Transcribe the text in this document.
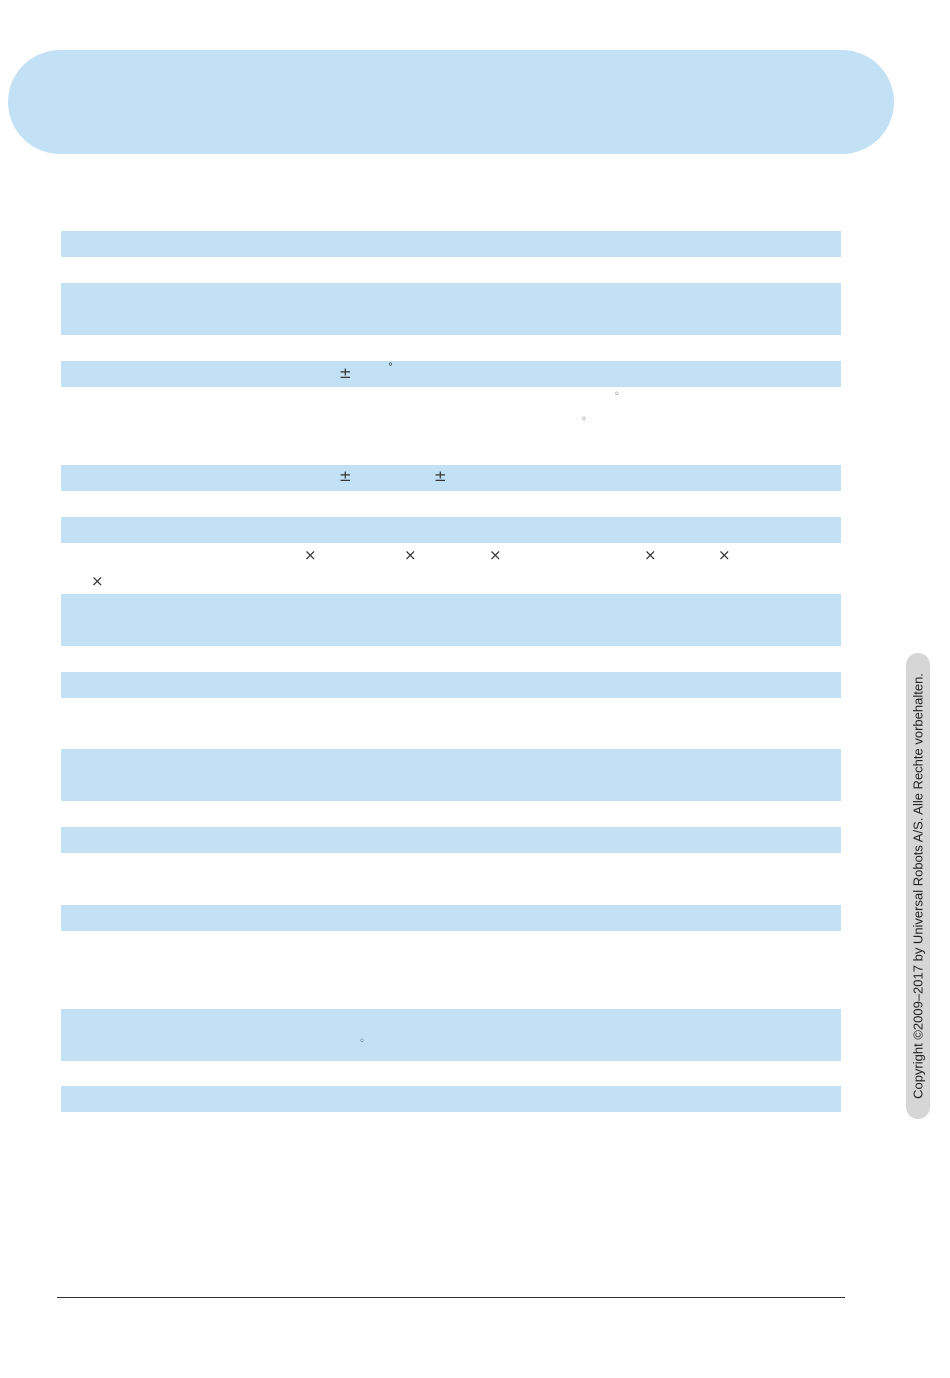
±	°
◦
◦
±	±
×	×	×	×	×
×
◦	Copyright ©2009–2017 by Universal Robots A/S. Alle Rechte vorbehalten.
